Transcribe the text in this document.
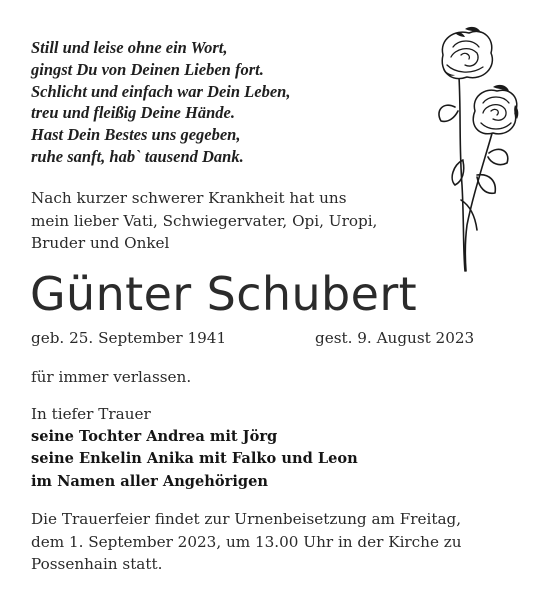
Still und leise ohne ein Wort,
gingst Du von Deinen Lieben fort.
Schlicht und einfach war Dein Leben,
treu und fleißig Deine Hände.
Hast Dein Bestes uns gegeben,
ruhe sanft, hab` tausend Dank.
Nach kurzer schwerer Krankheit hat uns
mein lieber Vati, Schwiegervater, Opi, Uropi,
Bruder und Onkel
Günter Schubert
geb. 25. September 1941	gest. 9. August 2023
für immer verlassen.
In tiefer Trauer
seine Tochter Andrea mit Jörg
seine Enkelin Anika mit Falko und Leon
im Namen aller Angehörigen
Die Trauerfeier findet zur Urnenbeisetzung am Freitag,
dem 1. September 2023, um 13.00 Uhr in der Kirche zu
Possenhain statt.
